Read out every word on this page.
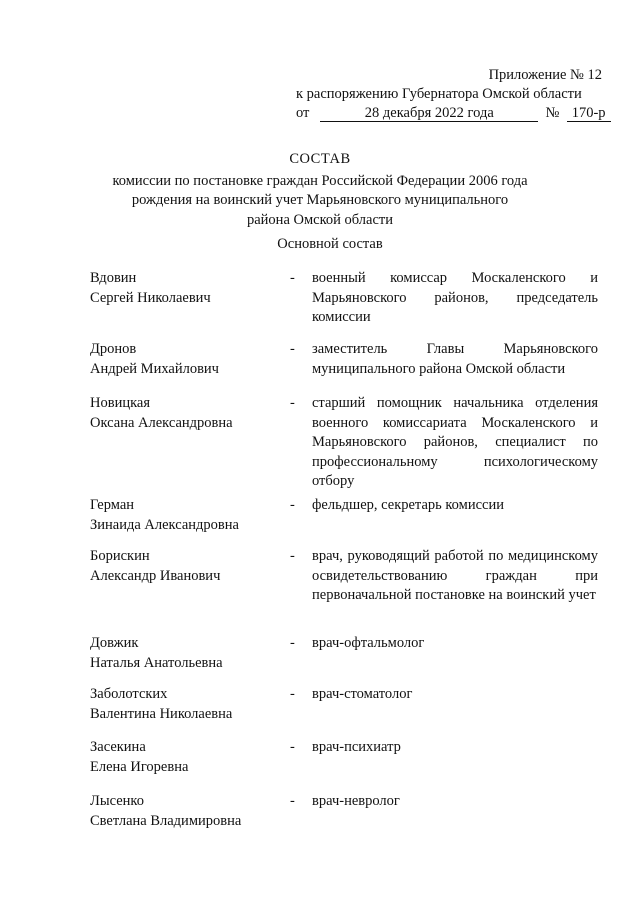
Приложение № 12
к распоряжению Губернатора Омской области
от	28 декабря 2022 года	№ 170-р
СОСТАВ
комиссии по постановке граждан Российской Федерации 2006 года
рождения на воинский учет Марьяновского муниципального
района Омской области
Основной состав
Вдовин
Сергей Николаевич
- военный комиссар Москаленского и Марьяновского районов, председатель комиссии
Дронов
Андрей Михайлович
- заместитель Главы Марьяновского муниципального района Омской области
Новицкая
Оксана Александровна
- старший помощник начальника отделения военного комиссариата Москаленского и Марьяновского районов, специалист по профессиональному психологическому отбору
Герман
Зинаида Александровна
- фельдшер, секретарь комиссии
Борискин
Александр Иванович
- врач, руководящий работой по медицинскому освидетельствованию граждан при первоначальной постановке на воинский учет
Довжик
Наталья Анатольевна
- врач-офтальмолог
Заболотских
Валентина Николаевна
- врач-стоматолог
Засекина
Елена Игоревна
- врач-психиатр
Лысенко
Светлана Владимировна
- врач-невролог
